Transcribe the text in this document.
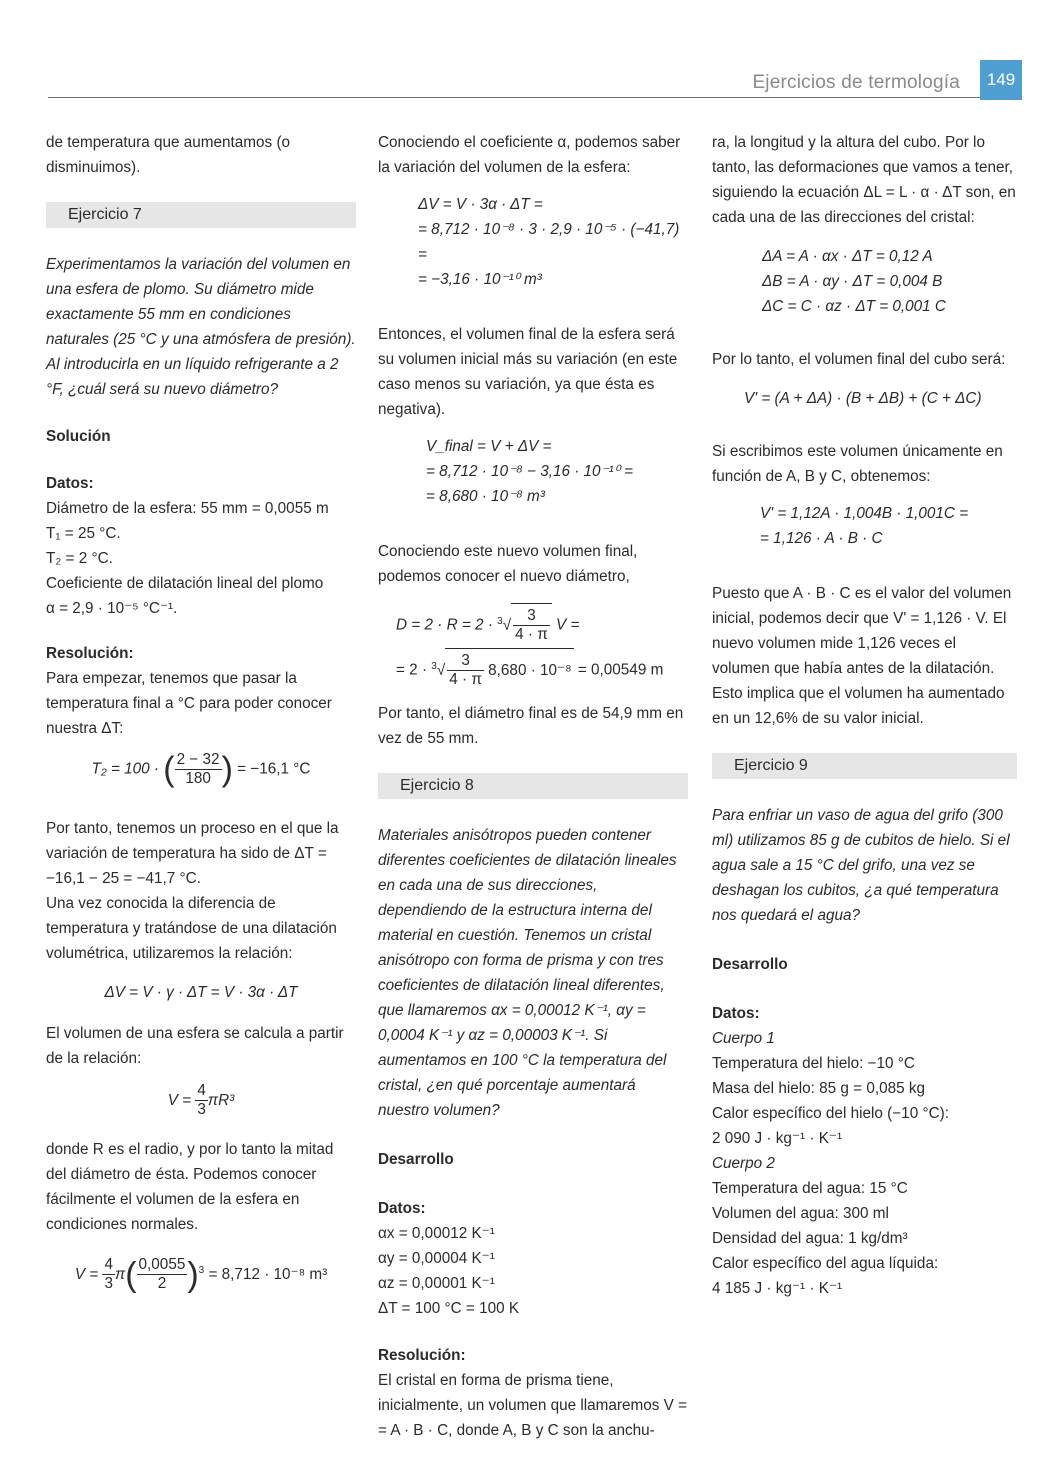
Ejercicios de termología	149

de temperatura que aumentamos (o disminuimos).

Ejercicio 7

Experimentamos la variación del volumen en una esfera de plomo. Su diámetro mide exactamente 55 mm en condiciones naturales (25 °C y una atmósfera de presión). Al introducirla en un líquido refrigerante a 2 °F, ¿cuál será su nuevo diámetro?

Solución

Datos:

Diámetro de la esfera: 55 mm = 0,0055 m

T₁ = 25 °C.

T₂ = 2 °C.

Coeficiente de dilatación lineal del plomo

α = 2,9 · 10⁻⁵ °C⁻¹.

Resolución:

Para empezar, tenemos que pasar la temperatura final a °C para poder conocer nuestra ΔT:

T₂ = 100 · ( $\frac{2 - 32}{180}$ ) = −16,1 °C

Por tanto, tenemos un proceso en el que la variación de temperatura ha sido de ΔT = −16,1 − 25 = −41,7 °C.

Una vez conocida la diferencia de temperatura y tratándose de una dilatación volumétrica, utilizaremos la relación:

ΔV = V · γ · ΔT = V · 3α · ΔT

El volumen de una esfera se calcula a partir de la relación:

$V = \frac{4}{3} \pi R^3$

donde R es el radio, y por lo tanto la mitad del diámetro de ésta. Podemos conocer fácilmente el volumen de la esfera en condiciones normales.

$V = \frac{4}{3} \pi( \frac{0,0055}{2} )^3 = 8,712 \cdot 10^{-8}$ m³

Conociendo el coeficiente α, podemos saber la variación del volumen de la esfera:

ΔV = V · 3α · ΔT =

= 8,712 · 10⁻⁸ · 3 · 2,9 · 10⁻⁵ · (−41,7) =

= −3,16 · 10⁻¹⁰ m³

Entonces, el volumen final de la esfera será su volumen inicial más su variación (en este caso menos su variación, ya que ésta es negativa).

V_final = V + ΔV =

= 8,712 · 10⁻⁸ − 3,16 · 10⁻¹⁰ =

= 8,680 · 10⁻⁸ m³

Conociendo este nuevo volumen final, podemos conocer el nuevo diámetro,

$D = 2 \cdot R = 2 \cdot ^3√ \frac{3}{4 \cdot \pi}$ V =
= $2 \cdot ^3√ \frac{3}{4 \cdot \pi} 8,680 \cdot 10^{-8} = 0,00549$ m

Por tanto, el diámetro final es de 54,9 mm en vez de 55 mm.

Ejercicio 8

Materiales anisótropos pueden contener diferentes coeficientes de dilatación lineales en cada una de sus direcciones, dependiendo de la estructura interna del material en cuestión. Tenemos un cristal anisótropo con forma de prisma y con tres coeficientes de dilatación lineal diferentes, que llamaremos αx = 0,00012 K⁻¹, αy = 0,0004 K⁻¹ y αz = 0,00003 K⁻¹. Si aumentamos en 100 °C la temperatura del cristal, ¿en qué porcentaje aumentará nuestro volumen?

Desarrollo

Datos:

αx = 0,00012 K⁻¹

αy = 0,00004 K⁻¹

αz = 0,00001 K⁻¹

ΔT = 100 °C = 100 K

Resolución:

El cristal en forma de prisma tiene, inicialmente, un volumen que llamaremos V = = A · B · C, donde A, B y C son la anchu-

ra, la longitud y la altura del cubo. Por lo tanto, las deformaciones que vamos a tener, siguiendo la ecuación ΔL = L · α · ΔT son, en cada una de las direcciones del cristal:

ΔA = A · αx · ΔT = 0,12 A

ΔB = A · αy · ΔT = 0,004 B

ΔC = C · αz · ΔT = 0,001 C

Por lo tanto, el volumen final del cubo será:

V' = (A + ΔA) · (B + ΔB) + (C + ΔC)

Si escribimos este volumen únicamente en función de A, B y C, obtenemos:

V' = 1,12A · 1,004B · 1,001C =

= 1,126 · A · B · C

Puesto que A · B · C es el valor del volumen inicial, podemos decir que V' = 1,126 · V. El nuevo volumen mide 1,126 veces el volumen que había antes de la dilatación. Esto implica que el volumen ha aumentado en un 12,6% de su valor inicial.

Ejercicio 9

Para enfriar un vaso de agua del grifo (300 ml) utilizamos 85 g de cubitos de hielo. Si el agua sale a 15 °C del grifo, una vez se deshagan los cubitos, ¿a qué temperatura nos quedará el agua?

Desarrollo

Datos:

Cuerpo 1

Temperatura del hielo: −10 °C

Masa del hielo: 85 g = 0,085 kg

Calor específico del hielo (−10 °C):

2 090 J · kg⁻¹ · K⁻¹

Cuerpo 2

Temperatura del agua: 15 °C

Volumen del agua: 300 ml

Densidad del agua: 1 kg/dm³

Calor específico del agua líquida:

4 185 J · kg⁻¹ · K⁻¹
